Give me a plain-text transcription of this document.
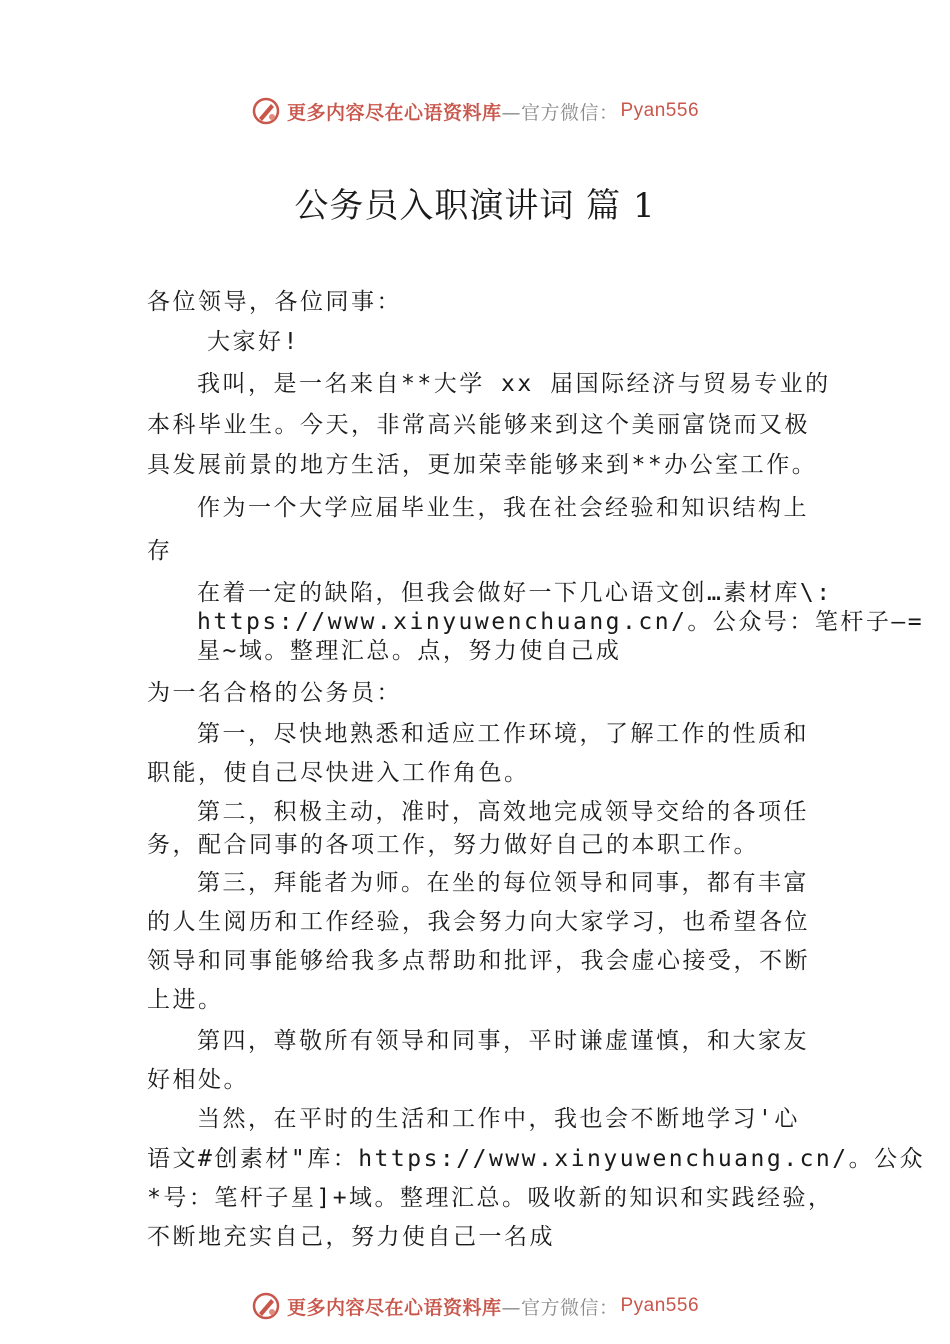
更多内容尽在心语资料库 —官方微信： Pyan556
公务员入职演讲词 篇 1
各位领导，各位同事：
大家好!
我叫，是一名来自**大学 xx 届国际经济与贸易专业的
本科毕业生。今天，非常高兴能够来到这个美丽富饶而又极
具发展前景的地方生活，更加荣幸能够来到**办公室工作。
作为一个大学应届毕业生，我在社会经验和知识结构上
存
在着一定的缺陷，但我会做好一下几心语文创…素材库\:
https://www.xinyuwenchuang.cn/。公众号：笔杆子—=
星~域。整理汇总。点，努力使自己成
为一名合格的公务员：
第一，尽快地熟悉和适应工作环境，了解工作的性质和
职能，使自己尽快进入工作角色。
第二，积极主动，准时，高效地完成领导交给的各项任
务，配合同事的各项工作，努力做好自己的本职工作。
第三，拜能者为师。在坐的每位领导和同事，都有丰富
的人生阅历和工作经验，我会努力向大家学习，也希望各位
领导和同事能够给我多点帮助和批评，我会虚心接受，不断
上进。
第四，尊敬所有领导和同事，平时谦虚谨慎，和大家友
好相处。
当然，在平时的生活和工作中，我也会不断地学习'心
语文#创素材"库：https://www.xinyuwenchuang.cn/。公众
*号：笔杆子星]+域。整理汇总。吸收新的知识和实践经验，
不断地充实自己，努力使自己一名成
更多内容尽在心语资料库 —官方微信： Pyan556
